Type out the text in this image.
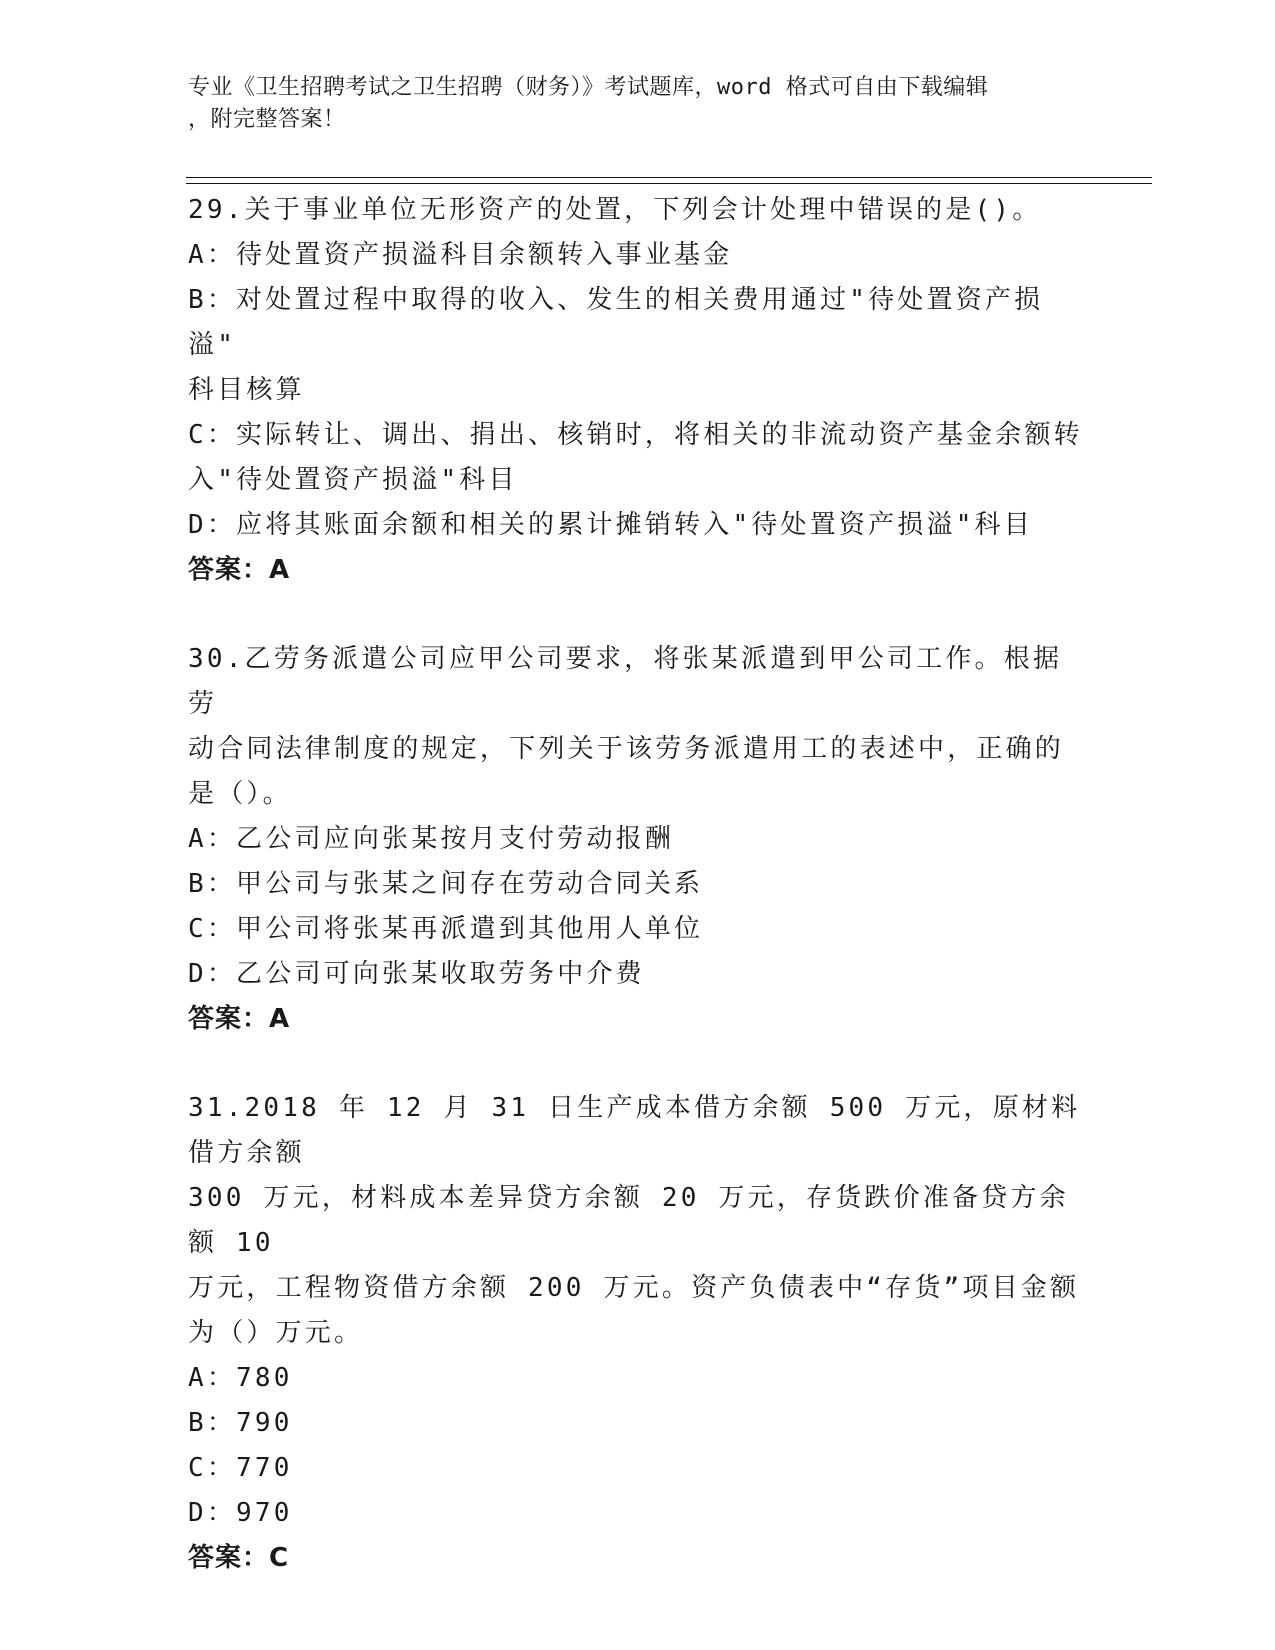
专业《卫生招聘考试之卫生招聘（财务）》考试题库，word 格式可自由下载编辑

，附完整答案！

29.关于事业单位无形资产的处置，下列会计处理中错误的是()。

A：待处置资产损溢科目余额转入事业基金

B：对处置过程中取得的收入、发生的相关费用通过"待处置资产损溢"

科目核算

C：实际转让、调出、捐出、核销时，将相关的非流动资产基金余额转

入"待处置资产损溢"科目

D：应将其账面余额和相关的累计摊销转入"待处置资产损溢"科目

答案：A

30.乙劳务派遣公司应甲公司要求，将张某派遣到甲公司工作。根据劳

动合同法律制度的规定，下列关于该劳务派遣用工的表述中，正确的

是（）。

A：乙公司应向张某按月支付劳动报酬

B：甲公司与张某之间存在劳动合同关系

C：甲公司将张某再派遣到其他用人单位

D：乙公司可向张某收取劳务中介费

答案：A

31.2018 年 12 月 31 日生产成本借方余额 500 万元，原材料借方余额

300 万元，材料成本差异贷方余额 20 万元，存货跌价准备贷方余额 10

万元，工程物资借方余额 200 万元。资产负债表中“存货”项目金额

为（）万元。

A：780

B：790

C：770

D：970

答案：C
